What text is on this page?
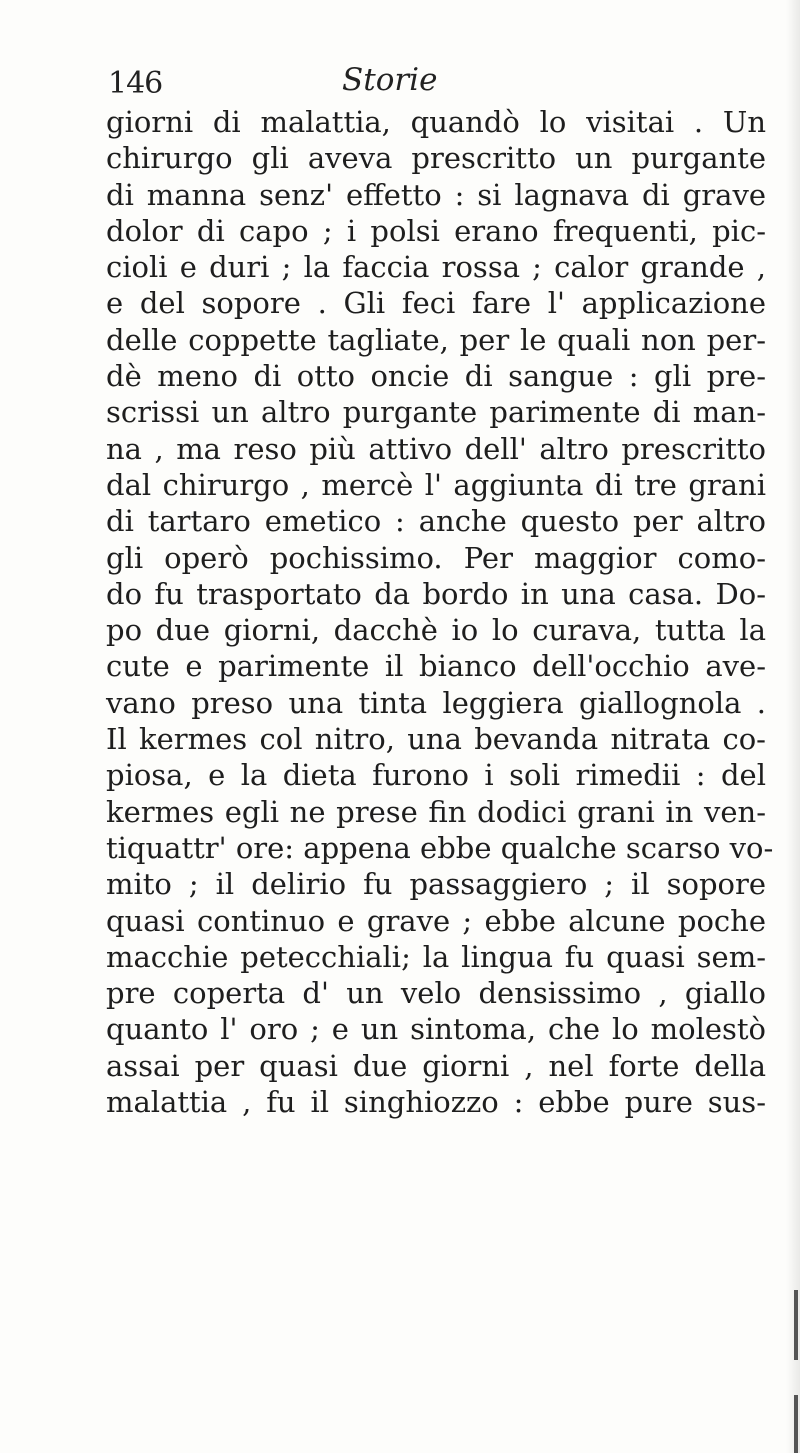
146	Storie
giorni di malattia, quandò lo visitai . Un
chirurgo gli aveva prescritto un purgante
di manna senz' effetto : si lagnava di grave
dolor di capo ; i polsi erano frequenti, pic-
cioli e duri ; la faccia rossa ; calor grande ,
e del sopore . Gli feci fare l' applicazione
delle coppette tagliate, per le quali non per-
dè meno di otto oncie di sangue : gli pre-
scrissi un altro purgante parimente di man-
na , ma reso più attivo dell' altro prescritto
dal chirurgo , mercè l' aggiunta di tre grani
di tartaro emetico : anche questo per altro
gli operò pochissimo. Per maggior como-
do fu trasportato da bordo in una casa. Do-
po due giorni, dacchè io lo curava, tutta la
cute e parimente il bianco dell'occhio ave-
vano preso una tinta leggiera giallognola .
Il kermes col nitro, una bevanda nitrata co-
piosa, e la dieta furono i soli rimedii : del
kermes egli ne prese fin dodici grani in ven-
tiquattr' ore: appena ebbe qualche scarso vo-
mito ; il delirio fu passaggiero ; il sopore
quasi continuo e grave ; ebbe alcune poche
macchie petecchiali; la lingua fu quasi sem-
pre coperta d' un velo densissimo , giallo
quanto l' oro ; e un sintoma, che lo molestò
assai per quasi due giorni , nel forte della
malattia , fu il singhiozzo : ebbe pure sus-
